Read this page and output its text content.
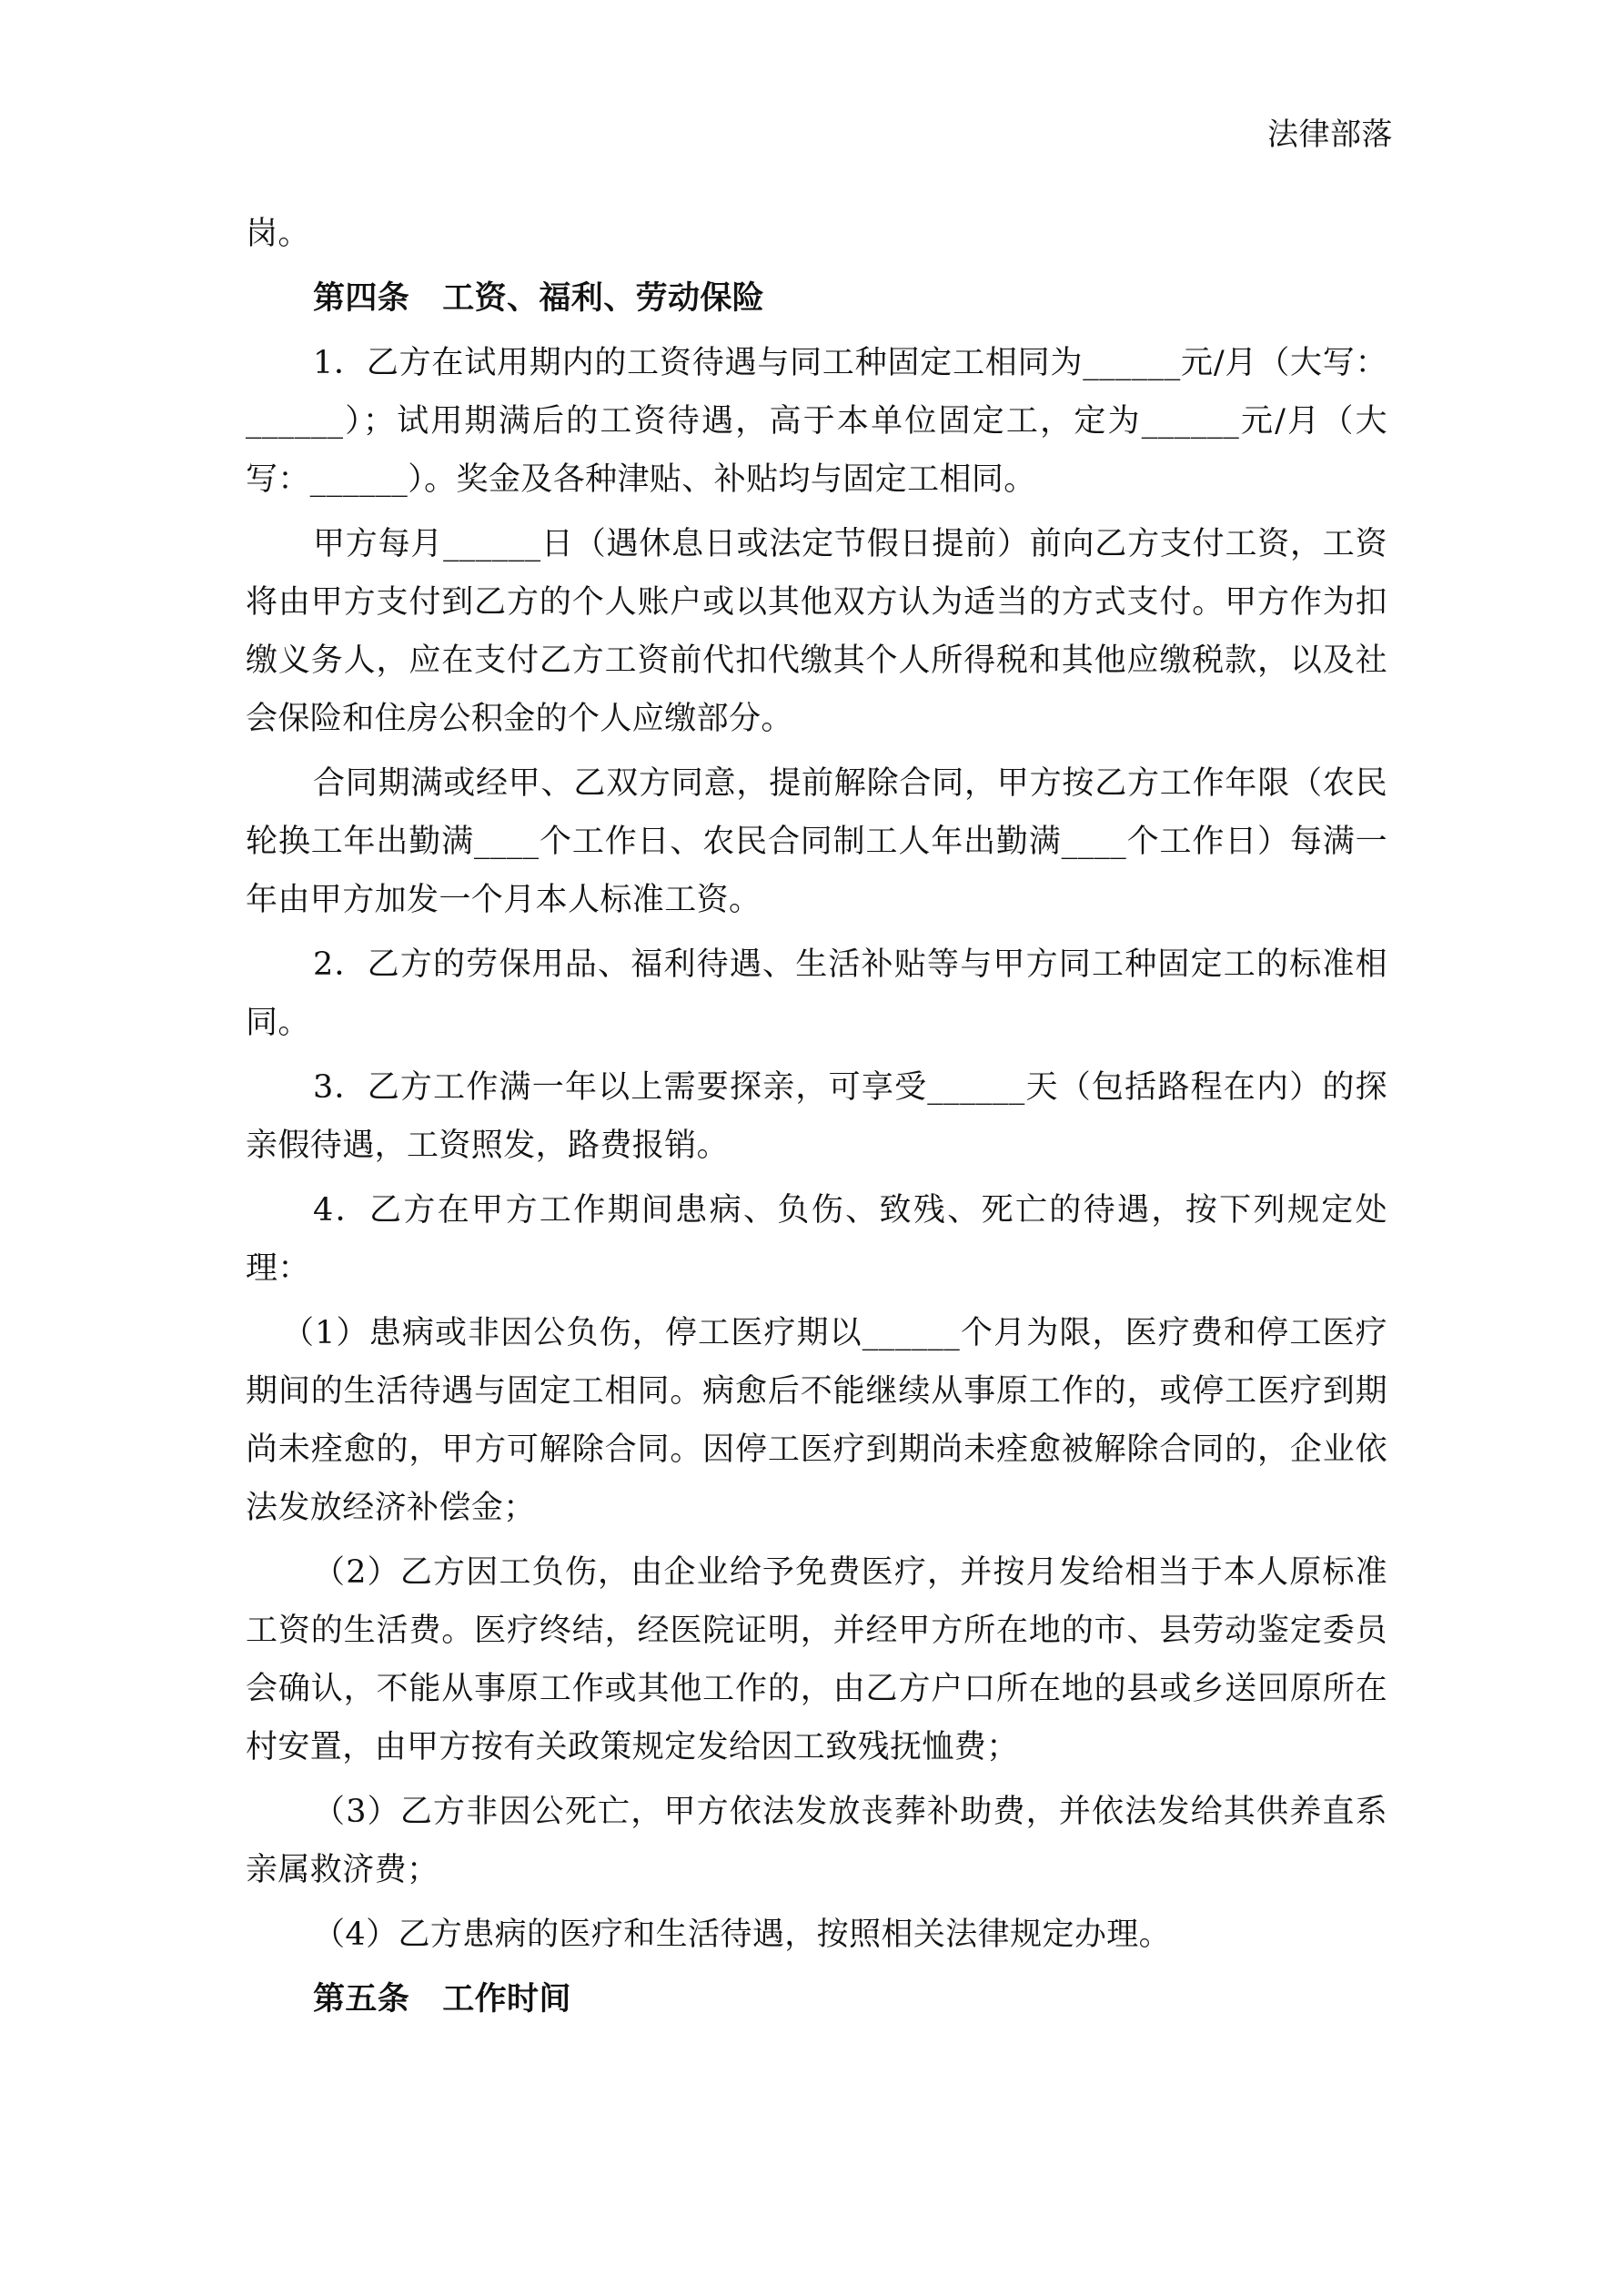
法律部落

岗。

第四条 工资、福利、劳动保险

1．乙方在试用期内的工资待遇与同工种固定工相同为______元/月（大写：______）；试用期满后的工资待遇，高于本单位固定工，定为______元/月（大写：______）。奖金及各种津贴、补贴均与固定工相同。

甲方每月______日（遇休息日或法定节假日提前）前向乙方支付工资，工资将由甲方支付到乙方的个人账户或以其他双方认为适当的方式支付。甲方作为扣缴义务人，应在支付乙方工资前代扣代缴其个人所得税和其他应缴税款，以及社会保险和住房公积金的个人应缴部分。

合同期满或经甲、乙双方同意，提前解除合同，甲方按乙方工作年限（农民轮换工年出勤满____个工作日、农民合同制工人年出勤满____个工作日）每满一年由甲方加发一个月本人标准工资。

2．乙方的劳保用品、福利待遇、生活补贴等与甲方同工种固定工的标准相同。

3．乙方工作满一年以上需要探亲，可享受______天（包括路程在内）的探亲假待遇，工资照发，路费报销。

4．乙方在甲方工作期间患病、负伤、致残、死亡的待遇，按下列规定处理：

（1）患病或非因公负伤，停工医疗期以______个月为限，医疗费和停工医疗期间的生活待遇与固定工相同。病愈后不能继续从事原工作的，或停工医疗到期尚未痊愈的，甲方可解除合同。因停工医疗到期尚未痊愈被解除合同的，企业依法发放经济补偿金；

（2）乙方因工负伤，由企业给予免费医疗，并按月发给相当于本人原标准工资的生活费。医疗终结，经医院证明，并经甲方所在地的市、县劳动鉴定委员会确认，不能从事原工作或其他工作的，由乙方户口所在地的县或乡送回原所在村安置，由甲方按有关政策规定发给因工致残抚恤费；

（3）乙方非因公死亡，甲方依法发放丧葬补助费，并依法发给其供养直系亲属救济费；

（4）乙方患病的医疗和生活待遇，按照相关法律规定办理。

第五条 工作时间
